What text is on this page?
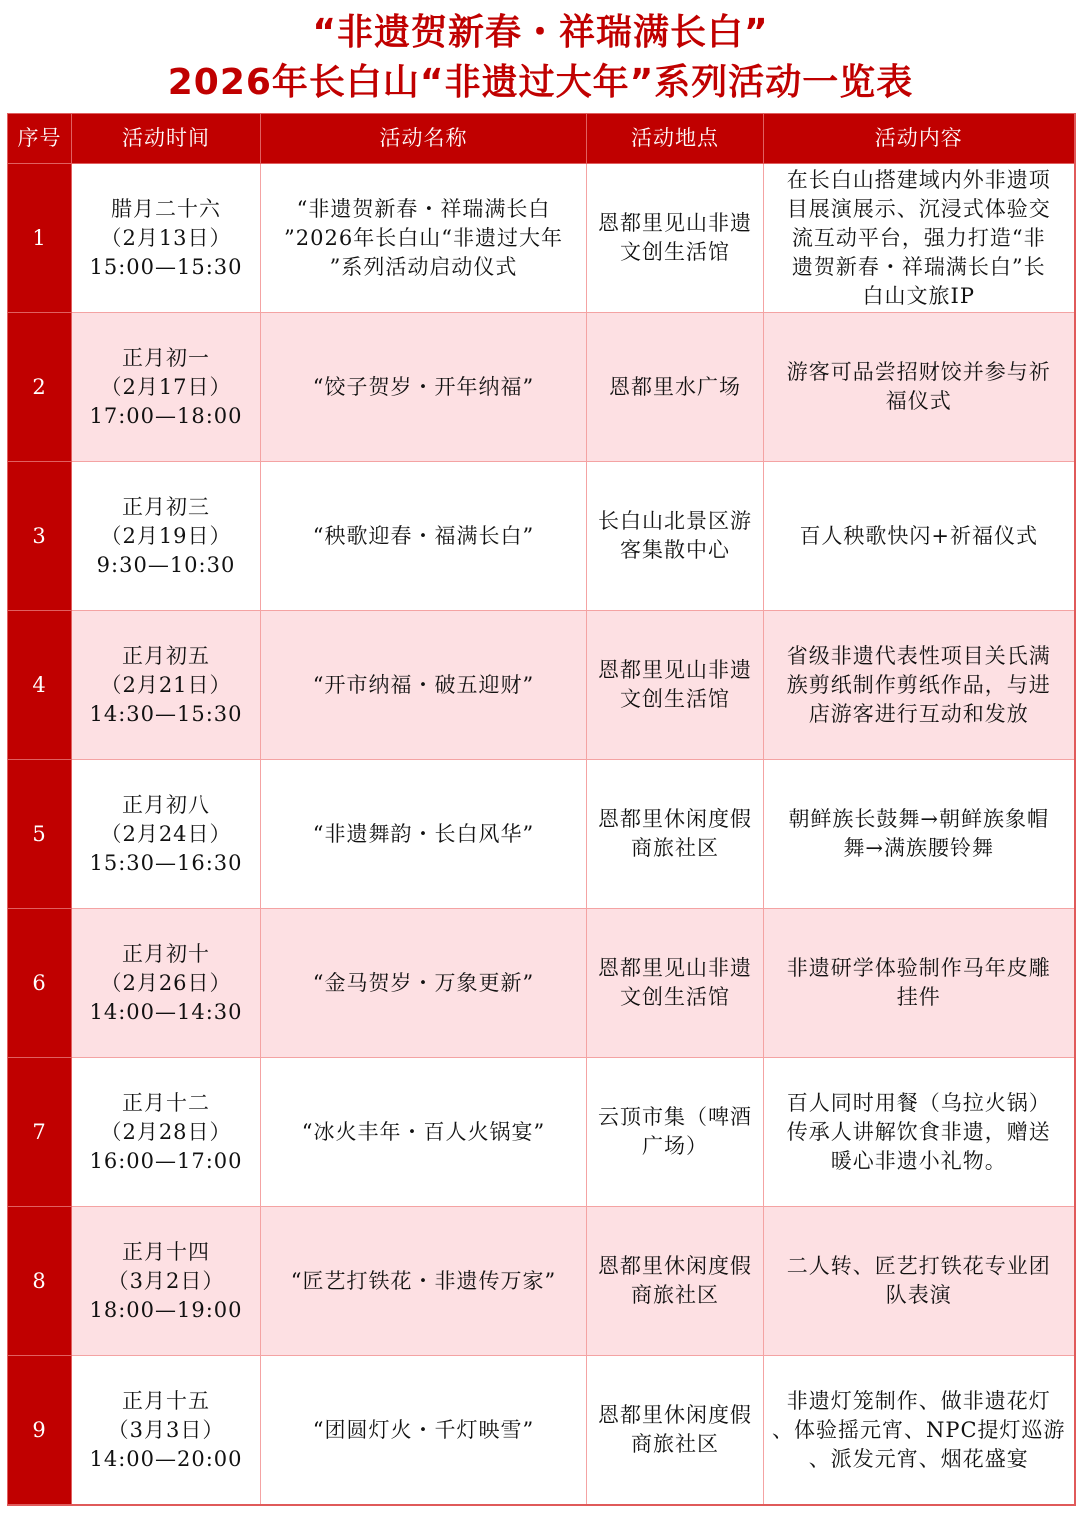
“非遗贺新春・祥瑞满长白”
2026年长白山“非遗过大年”系列活动一览表
序号	活动时间	活动名称	活动地点	活动内容
1	腊月二十六
（2月13日）
15:00—15:30	“非遗贺新春・祥瑞满长白
”2026年长白山“非遗过大年
”系列活动启动仪式	恩都里见山非遗
文创生活馆	在长白山搭建域内外非遗项
目展演展示、沉浸式体验交
流互动平台，强力打造“非
遗贺新春・祥瑞满长白”长
白山文旅IP
2	正月初一
（2月17日）
17:00—18:00	“饺子贺岁・开年纳福”	恩都里水广场	游客可品尝招财饺并参与祈
福仪式
3	正月初三
（2月19日）
9:30—10:30	“秧歌迎春・福满长白”	长白山北景区游
客集散中心	百人秧歌快闪+祈福仪式
4	正月初五
（2月21日）
14:30—15:30	“开市纳福・破五迎财”	恩都里见山非遗
文创生活馆	省级非遗代表性项目关氏满
族剪纸制作剪纸作品，与进
店游客进行互动和发放
5	正月初八
（2月24日）
15:30—16:30	“非遗舞韵・长白风华”	恩都里休闲度假
商旅社区	朝鲜族长鼓舞→朝鲜族象帽
舞→满族腰铃舞
6	正月初十
（2月26日）
14:00—14:30	“金马贺岁・万象更新”	恩都里见山非遗
文创生活馆	非遗研学体验制作马年皮雕
挂件
7	正月十二
（2月28日）
16:00—17:00	“冰火丰年・百人火锅宴”	云顶市集（啤酒
广场）	百人同时用餐（乌拉火锅）
传承人讲解饮食非遗，赠送
暖心非遗小礼物。
8	正月十四
（3月2日）
18:00—19:00	“匠艺打铁花・非遗传万家”	恩都里休闲度假
商旅社区	二人转、匠艺打铁花专业团
队表演
9	正月十五
（3月3日）
14:00—20:00	“团圆灯火・千灯映雪”	恩都里休闲度假
商旅社区	非遗灯笼制作、做非遗花灯
、体验摇元宵、NPC提灯巡游
、派发元宵、烟花盛宴
